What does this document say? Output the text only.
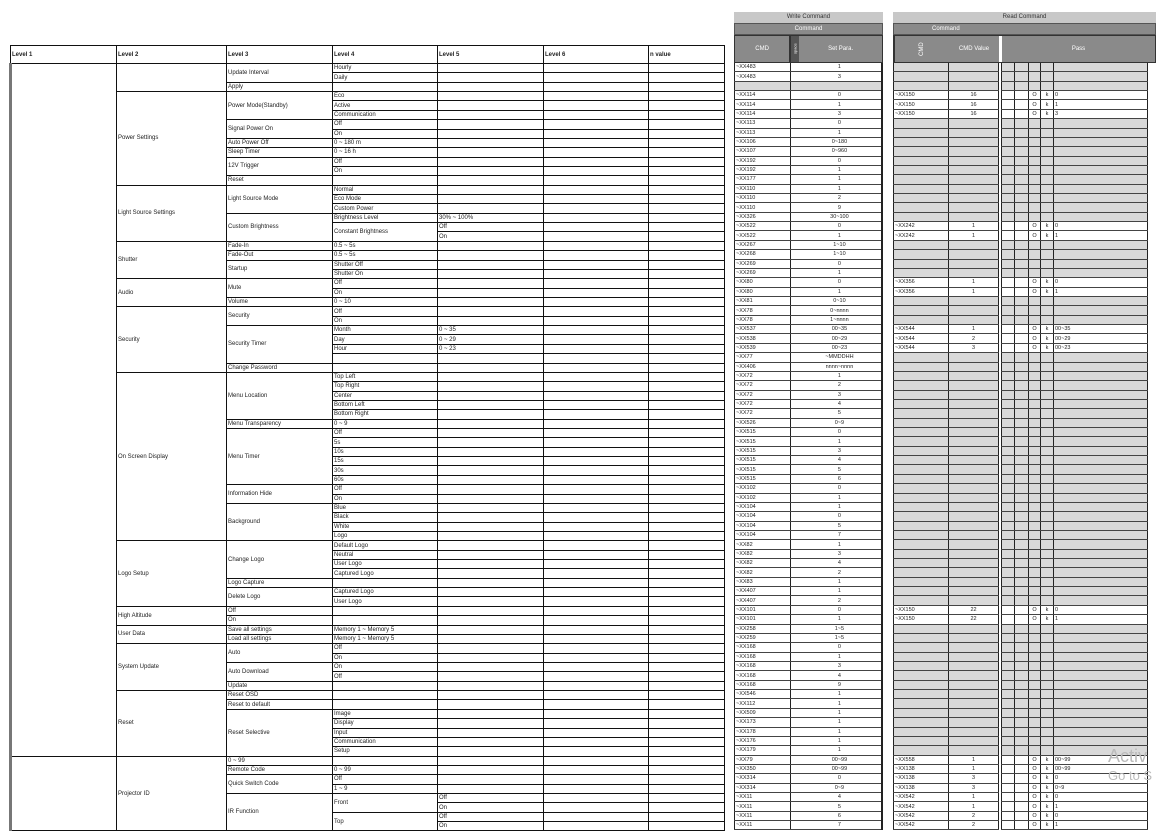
Level 1	Level 2	Level 3	Level 4	Level 5	Level 6	n value
		Update Interval	Hourly			
			Daily			
		Apply				
	Power Settings	Power Mode(Standby)	Eco			
			Active			
			Communication			
		Signal Power On	Off			
			On			
		Auto Power Off	0 ~ 180 m			
		Sleep Timer	0 ~ 16 h			
		12V Trigger	Off			
			On			
		Reset				
	Light Source Settings	Light Source Mode	Normal			
			Eco Mode			
			Custom Power			
		Custom Brightness	Brightness Level	30% ~ 100%		
			Constant Brightness	Off		
				On		
	Shutter	Fade-In	0.5 ~ 5s			
		Fade-Out	0.5 ~ 5s			
		Startup	Shutter Off			
			Shutter On			
	Audio	Mute	Off			
			On			
		Volume	0 ~ 10			
	Security	Security	Off			
			On			
		Security Timer	Month	0 ~ 35		
			Day	0 ~ 29		
			Hour	0 ~ 23		

		Change Password				
	On Screen Display	Menu Location	Top Left			
			Top Right			
			Center			
			Bottom Left			
			Bottom Right			
		Menu Transparency	0 ~ 9			
		Menu Timer	Off			
			5s			
			10s			
			15s			
			30s			
			60s			
		Information Hide	Off			
			On			
		Background	Blue			
			Black			
			White			
			Logo			
	Logo Setup	Change Logo	Default Logo			
			Neutral			
			User Logo			
			Captured Logo			
		Logo Capture				
		Delete Logo	Captured Logo			
			User Logo			
	High Altitude	Off				
		On				
	User Data	Save all settings	Memory 1 ~ Memory 5			
		Load all settings	Memory 1 ~ Memory 5			
	System Update	Auto	Off			
			On			
		Auto Download	On			
			Off			
		Update				
	Reset	Reset OSD				
		Reset to default				
		Reset Selective	Image			
			Display			
			Input			
			Communication			
			Setup			
	Projector ID	0 ~ 99				
		Remote Code	0 ~ 99			
		Quick Switch Code	Off			
			1 ~ 9			
		IR Function	Front	Off		
				On		
			Top	Off		
				On		
Write Command
Command
CMD	space	Set Para.
~XX483		1
~XX483		3

~XX114		0
~XX114		1
~XX114		3
~XX113		0
~XX113		1
~XX106		0~180
~XX107		0~960
~XX192		0
~XX192		1
~XX177		1
~XX110		1
~XX110		2
~XX110		9
~XX326		30~100
~XX522		0
~XX522		1
~XX267		1~10
~XX268		1~10
~XX269		0
~XX269		1
~XX80		0
~XX80		1
~XX81		0~10
~XX78		0~nnnn
~XX78		1~nnnn
~XX537		00~35
~XX538		00~29
~XX539		00~23
~XX77		~MMDDHH
~XX406		nnnn~nnnn
~XX72		1
~XX72		2
~XX72		3
~XX72		4
~XX72		5
~XX526		0~9
~XX515		0
~XX515		1
~XX515		3
~XX515		4
~XX515		5
~XX515		6
~XX102		0
~XX102		1
~XX104		1
~XX104		0
~XX104		5
~XX104		7
~XX82		1
~XX82		3
~XX82		4
~XX82		2
~XX83		1
~XX407		1
~XX407		2
~XX101		0
~XX101		1
~XX258		1~5
~XX259		1~5
~XX168		0
~XX168		1
~XX168		3
~XX168		4
~XX168		9
~XX546		1
~XX112		1
~XX509		1
~XX173		1
~XX178		1
~XX176		1
~XX179		1
~XX79		00~99
~XX350		00~99
~XX314		0
~XX314		0~9
~XX11		4
~XX11		5
~XX11		6
~XX11		7
Read Command
Command
CMD	CMD Value	Pass

~XX150	16				O	k	0
~XX150	16				O	k	1
~XX150	16				O	k	3

~XX242	1				O	k	0
~XX242	1				O	k	1

~XX356	1				O	k	0
~XX356	1				O	k	1

~XX544	1				O	k	00~35
~XX544	2				O	k	00~29
~XX544	3				O	k	00~23

~XX150	22				O	k	0
~XX150	22				O	k	1

~XX558	1				O	k	00~99
~XX138	1				O	k	00~99
~XX138	3				O	k	0
~XX138	3				O	k	0~9
~XX542	1				O	k	0
~XX542	1				O	k	1
~XX542	2				O	k	0
~XX542	2				O	k	1
Activ
Go to S
